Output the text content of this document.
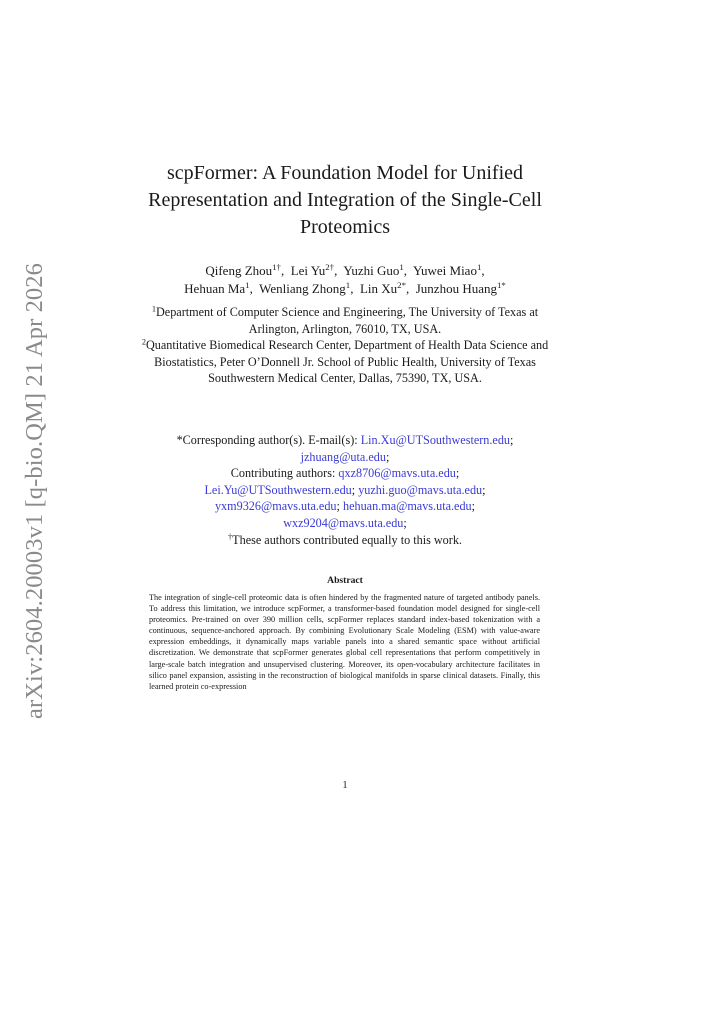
arXiv:2604.20003v1 [q-bio.QM] 21 Apr 2026
scpFormer: A Foundation Model for Unified
Representation and Integration of the Single-Cell
Proteomics
Qifeng Zhou$^{1\dagger}$,  Lei $Yu^{2\dagger}$,  Yuzhi Guo$^1$,  Yuwei Miao$^1$,
Hehuan Ma$^1$,  Wenliang Zhong$^1$,  Lin $Xu^{2*}$,  Junzhou Huang$^{1*}$

$^1$Department of Computer Science and Engineering, The University of Texas at Arlington, Arlington, 76010, TX, USA.

$^2$Quantitative Biomedical Research Center, Department of Health Data Science and Biostatistics, Peter O’Donnell Jr. School of Public Health, University of Texas Southwestern Medical Center, Dallas, 75390, TX, USA.

*Corresponding author(s). E-mail(s): Lin.Xu@UTSouthwestern.edu;
jzhuang@uta.edu;
Contributing authors: qxz8706@mavs.uta.edu;
Lei.Yu@UTSouthwestern.edu; yuzhi.guo@mavs.uta.edu;
yxm9326@mavs.uta.edu; hehuan.ma@mavs.uta.edu;
wxz9204@mavs.uta.edu;
†These authors contributed equally to this work.
Abstract
The integration of single-cell proteomic data is often hindered by the fragmented nature of targeted antibody panels. To address this limitation, we introduce scpFormer, a transformer-based foundation model designed for single-cell proteomics. Pre-trained on over 390 million cells, scpFormer replaces standard index-based tokenization with a continuous, sequence-anchored approach. By combining Evolutionary Scale Modeling (ESM) with value-aware expression embeddings, it dynamically maps variable panels into a shared semantic space without artificial discretization. We demonstrate that scpFormer generates global cell representations that perform competitively in large-scale batch integration and unsupervised clustering. Moreover, its open-vocabulary architecture facilitates in silico panel expansion, assisting in the reconstruction of biological manifolds in sparse clinical datasets. Finally, this learned protein co-expression
1
